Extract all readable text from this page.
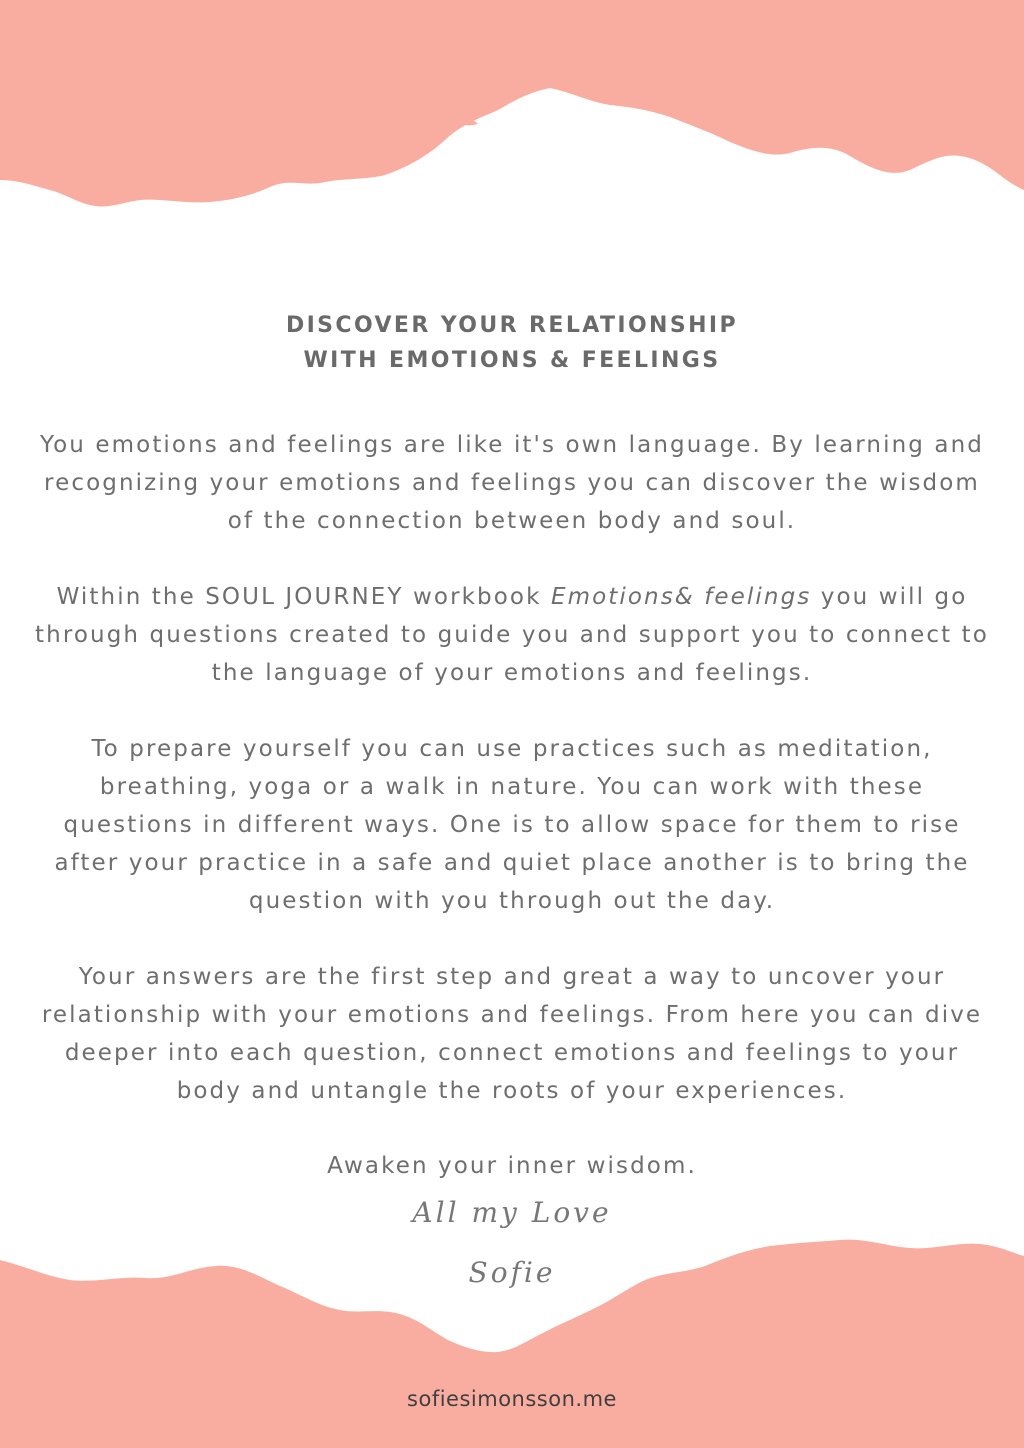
DISCOVER YOUR RELATIONSHIP
WITH EMOTIONS & FEELINGS

You emotions and feelings are like it's own language. By learning and
recognizing your emotions and feelings you can discover the wisdom
of the connection between body and soul.

Within the SOUL JOURNEY workbook Emotions& feelings you will go
through questions created to guide you and support you to connect to
the language of your emotions and feelings.

To prepare yourself you can use practices such as meditation,
breathing, yoga or a walk in nature. You can work with these
questions in different ways. One is to allow space for them to rise
after your practice in a safe and quiet place another is to bring the
question with you through out the day.

Your answers are the first step and great a way to uncover your
relationship with your emotions and feelings. From here you can dive
deeper into each question, connect emotions and feelings to your
body and untangle the roots of your experiences.

Awaken your inner wisdom.
All my Love
Sofie
sofiesimonsson.me
